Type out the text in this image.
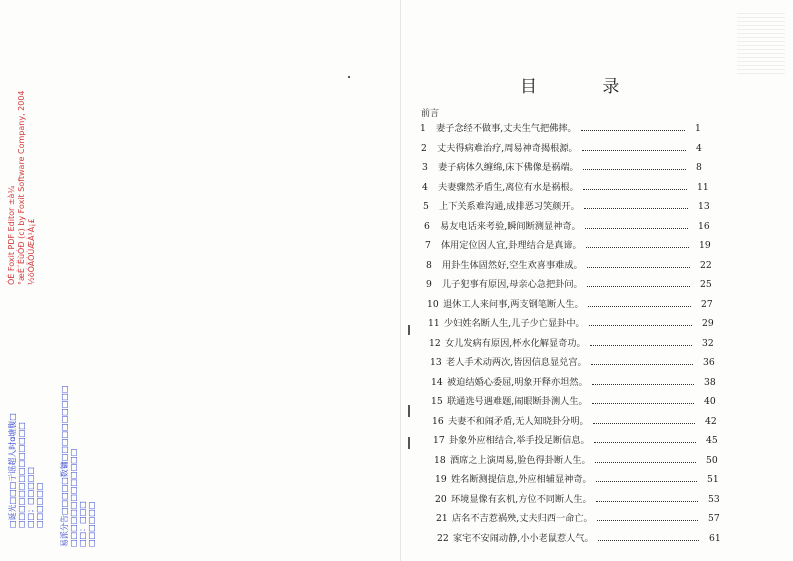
ÓÉ Foxit PDF Editor ±à¼ °æÈ¨ËùÓÐ (c) by Foxit Software Company, 2004 ½öÓÃÓÚÆÀ¹À¡£
□诞光□□□亍谣超人时ɑ塘腹□ □□□□□□□□□□□□□□ □□；□□□□□ □□□□□□ 易派分告□□□□□数镛□□□□□□□□□□ □□□□□□□□□□□□□ □□：□□□ □□□□□□
目 录
前言
1 妻子念经不做事,丈夫生气把佛摔。	1
2 丈夫得病难治疗,周易神奇揭根源。	4
3 妻子病体久缠绵,床下佛像是祸端。	8
4 夫妻骤然矛盾生,离位有水是祸根。	11
5 上下关系难沟通,成排恶习笑颜开。	13
6 易友电话来考验,瞬间断测显神奇。	16
7 体用定位因人宜,卦理结合是真谛。	19
8 用卦生体固然好,空生欢喜事难成。	22
9 儿子犯事有原因,母亲心急把卦问。	25
10 退休工人来问事,两支钢笔断人生。	27
11 少妇姓名断人生,儿子少亡显卦中。	29
12 女儿发病有原因,杯水化解显奇功。	32
13 老人手术动两次,皆因信息显兑宫。	36
14 被迫结婚心委屈,明象开释亦坦然。	38
15 联通选号遇难题,闹眼断卦测人生。	40
16 夫妻不和闹矛盾,无人知晓卦分明。	42
17 卦象外应相结合,举手投足断信息。	45
18 酒席之上演周易,脸色得卦断人生。	50
19 姓名断测提信息,外应相辅显神奇。	51
20 环境显像有玄机,方位不同断人生。	53
21 店名不吉惹祸殃,丈夫归西一命亡。	57
22 家宅不安闹动静,小小老鼠惹人气。	61
